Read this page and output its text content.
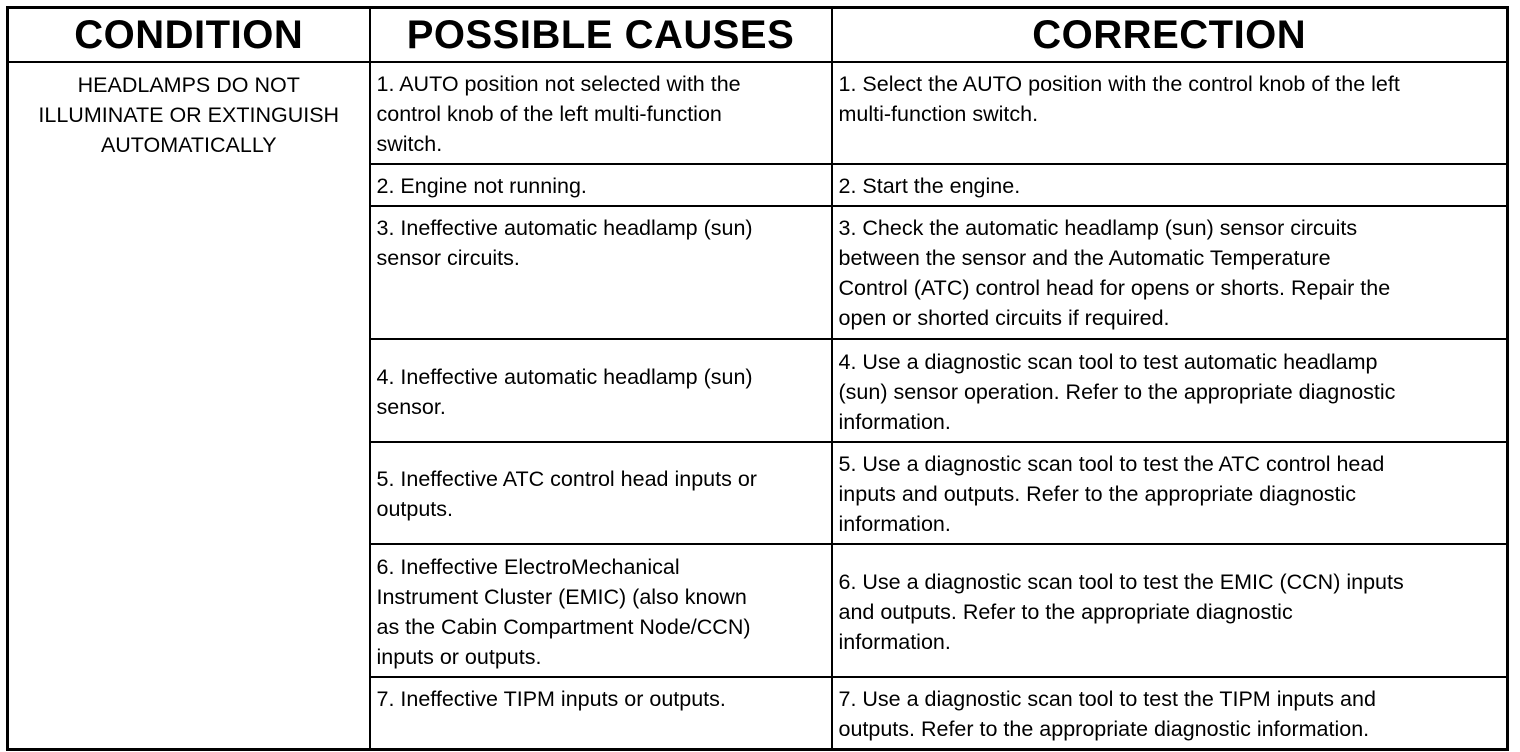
CONDITION	POSSIBLE CAUSES	CORRECTION

HEADLAMPS DO NOT
ILLUMINATE OR EXTINGUISH
AUTOMATICALLY	1. AUTO position not selected with the
control knob of the left multi-function
switch.	1. Select the AUTO position with the control knob of the left
multi-function switch.

	2. Engine not running.	2. Start the engine.

	3. Ineffective automatic headlamp (sun)
sensor circuits.	3. Check the automatic headlamp (sun) sensor circuits
between the sensor and the Automatic Temperature
Control (ATC) control head for opens or shorts. Repair the
open or shorted circuits if required.

	4. Ineffective automatic headlamp (sun)
sensor.	4. Use a diagnostic scan tool to test automatic headlamp
(sun) sensor operation. Refer to the appropriate diagnostic
information.

	5. Ineffective ATC control head inputs or
outputs.	5. Use a diagnostic scan tool to test the ATC control head
inputs and outputs. Refer to the appropriate diagnostic
information.

	6. Ineffective ElectroMechanical
Instrument Cluster (EMIC) (also known
as the Cabin Compartment Node/CCN)
inputs or outputs.	6. Use a diagnostic scan tool to test the EMIC (CCN) inputs
and outputs. Refer to the appropriate diagnostic
information.

	7. Ineffective TIPM inputs or outputs.	7. Use a diagnostic scan tool to test the TIPM inputs and
outputs. Refer to the appropriate diagnostic information.
